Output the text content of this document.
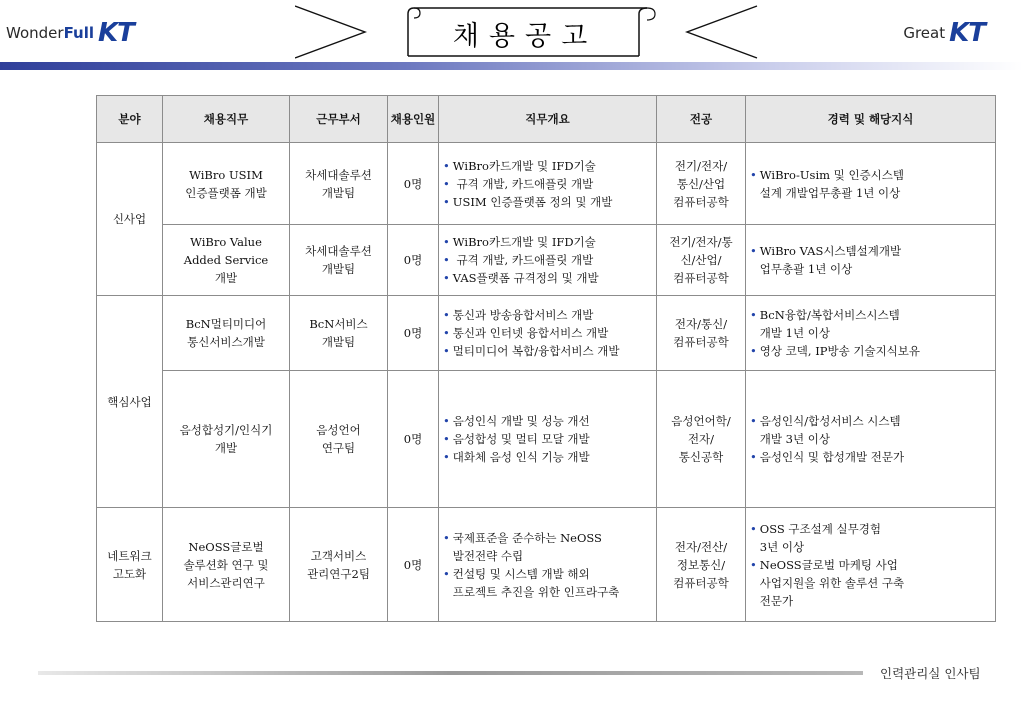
WonderFull KT	채용공고	Great KT
분야	채용직무	근무부서	채용인원	직무개요	전공	경력 및 해당지식
신사업	WiBro USIM
인증플랫폼 개발	차세대솔루션
개발팀	0명	• WiBro카드개발 및 IFD기술
• 규격 개발, 카드애플릿 개발
• USIM 인증플랫폼 정의 및 개발	전기/전자/
통신/산업
컴퓨터공학	• WiBro-Usim 및 인증시스템
설계 개발업무총괄 1년 이상

	WiBro Value
Added Service
개발	차세대솔루션
개발팀	0명	• WiBro카드개발 및 IFD기술
• 규격 개발, 카드애플릿 개발
• VAS플랫폼 규격정의 및 개발	전기/전자/통
신/산업/
컴퓨터공학	• WiBro VAS시스템설계개발
업무총괄 1년 이상

핵심사업	BcN멀티미디어
통신서비스개발	BcN서비스
개발팀	0명	• 통신과 방송융합서비스 개발
• 통신과 인터넷 융합서비스 개발
• 멀티미디어 복합/융합서비스 개발	전자/통신/
컴퓨터공학	• BcN융합/복합서비스시스템
개발 1년 이상
• 영상 코덱, IP방송 기술지식보유

	음성합성기/인식기
개발	음성언어
연구팀	0명	• 음성인식 개발 및 성능 개선
• 음성합성 및 멀티 모달 개발
• 대화체 음성 인식 기능 개발	음성언어학/
전자/
통신공학	• 음성인식/합성서비스 시스템
개발 3년 이상
• 음성인식 및 합성개발 전문가

네트워크
고도화	NeOSS글로벌
솔루션화 연구 및
서비스관리연구	고객서비스
관리연구2팀	0명	• 국제표준을 준수하는 NeOSS
발전전략 수립
• 컨설팅 및 시스템 개발 해외
프로젝트 추진을 위한 인프라구축	전자/전산/
정보통신/
컴퓨터공학	• OSS 구조설계 실무경험
3년 이상
• NeOSS글로벌 마케팅 사업
사업지원을 위한 솔루션 구축
전문가
인력관리실 인사팀
